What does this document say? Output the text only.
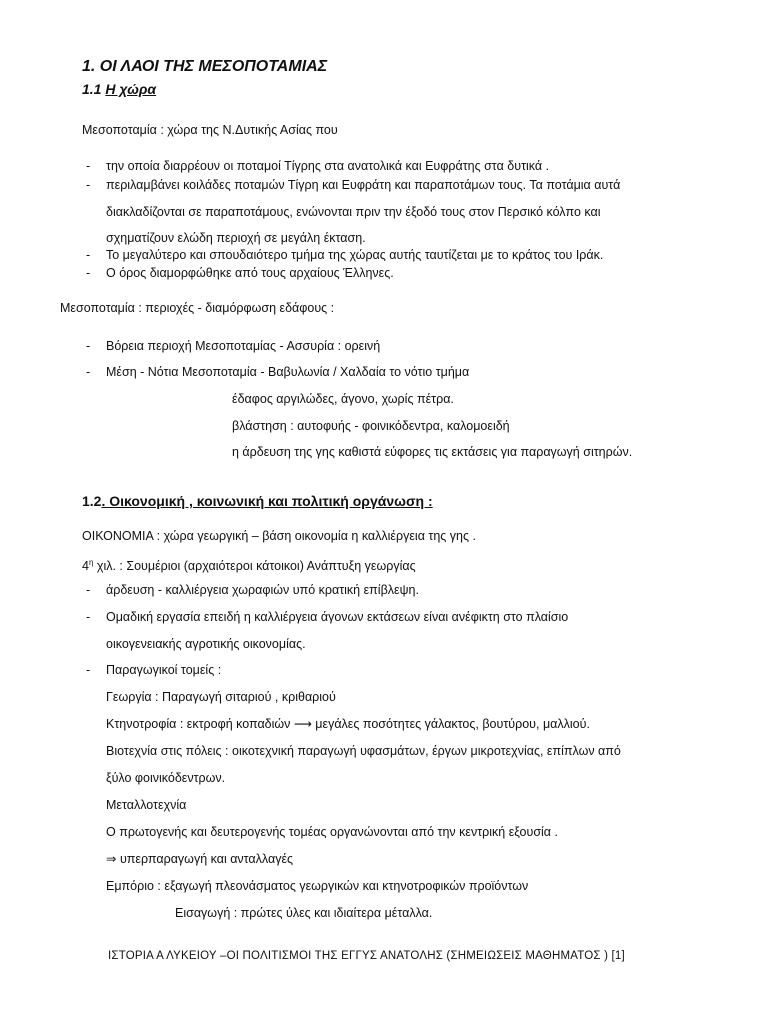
1. ΟΙ ΛΑΟΙ ΤΗΣ ΜΕΣΟΠΟΤΑΜΙΑΣ
1.1 Η χώρα
Μεσοποταμία : χώρα της Ν.Δυτικής Ασίας που
- την οποία διαρρέουν οι ποταμοί Τίγρης στα ανατολικά και Ευφράτης στα δυτικά .
- περιλαμβάνει κοιλάδες ποταμών Τίγρη και Ευφράτη και παραποτάμων τους. Τα ποτάμια αυτά
διακλαδίζονται σε παραποτάμους, ενώνονται πριν την έξοδό τους στον Περσικό κόλπο και
σχηματίζουν ελώδη περιοχή σε μεγάλη έκταση.
- Το μεγαλύτερο και σπουδαιότερο τμήμα της χώρας αυτής ταυτίζεται με το κράτος του Ιράκ.
- Ο όρος διαμορφώθηκε από τους αρχαίους Έλληνες.
Μεσοποταμία : περιοχές - διαμόρφωση εδάφους :
- Βόρεια περιοχή Μεσοποταμίας - Ασσυρία : ορεινή
- Μέση - Νότια Μεσοποταμία - Βαβυλωνία / Χαλδαία το νότιο τμήμα
έδαφος αργιλώδες, άγονο, χωρίς πέτρα.
βλάστηση : αυτοφυής - φοινικόδεντρα, καλομοειδή
η άρδευση της γης καθιστά εύφορες τις εκτάσεις για παραγωγή σιτηρών.
1.2. Οικονομική , κοινωνική και πολιτική οργάνωση :
ΟΙΚΟΝΟΜΙΑ : χώρα γεωργική – βάση οικονομία η καλλιέργεια της γης .
$4^\eta$ χιλ. : Σουμέριοι (αρχαιότεροι κάτοικοι) Ανάπτυξη γεωργίας
- άρδευση - καλλιέργεια χωραφιών υπό κρατική επίβλεψη.
- Ομαδική εργασία επειδή η καλλιέργεια άγονων εκτάσεων είναι ανέφικτη στο πλαίσιο
οικογενειακής αγροτικής οικονομίας.
- Παραγωγικοί τομείς :
Γεωργία : Παραγωγή σιταριού , κριθαριού
Κτηνοτροφία : εκτροφή κοπαδιών ⟶ μεγάλες ποσότητες γάλακτος, βουτύρου, μαλλιού.
Βιοτεχνία στις πόλεις : οικοτεχνική παραγωγή υφασμάτων, έργων μικροτεχνίας, επίπλων από
ξύλο φοινικόδεντρων.
Μεταλλοτεχνία
Ο πρωτογενής και δευτερογενής τομέας οργανώνονται από την κεντρική εξουσία .
⇒ υπερπαραγωγή και ανταλλαγές
Εμπόριο : εξαγωγή πλεονάσματος γεωργικών και κτηνοτροφικών προϊόντων
Εισαγωγή : πρώτες ύλες και ιδιαίτερα μέταλλα.
ΙΣΤΟΡΙΑ Α ΛΥΚΕΙΟΥ –ΟΙ ΠΟΛΙΤΙΣΜΟΙ ΤΗΣ ΕΓΓΥΣ ΑΝΑΤΟΛΗΣ (ΣΗΜΕΙΩΣΕΙΣ ΜΑΘΗΜΑΤΟΣ ) [1]
